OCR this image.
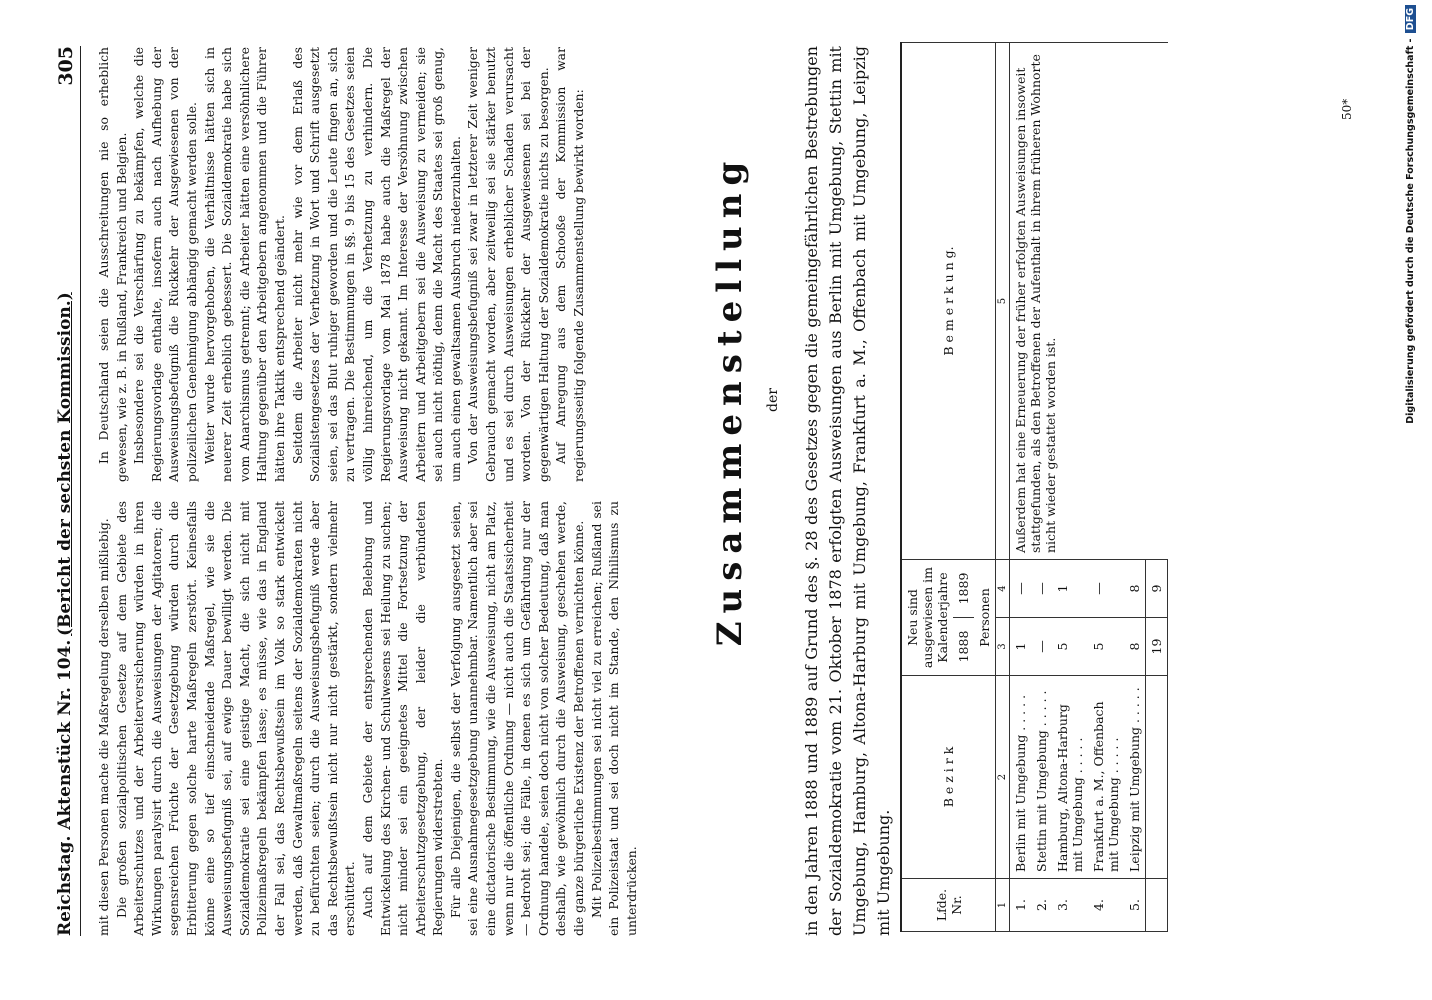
Reichstag. Aktenstück Nr. 104.
(Bericht der sechsten Kommission.)
305

mit diesen Personen mache die Maßregelung derselben mißliebig. Die großen sozialpolitischen Gesetze auf dem Gebiete des Arbeiterschutzes und der Arbeiterversicherung würden in ihren Wirkungen paralysirt durch die Ausweisungen der Agitatoren; die segensreichen Früchte der Gesetzgebung würden durch die Erbitterung gegen solche harte Maßregeln zerstört. Keinesfalls könne eine so tief einschneidende Maßregel, wie sie die Ausweisungsbefugniß sei, auf ewige Dauer bewilligt werden. Die Sozialdemokratie sei eine geistige Macht, die sich nicht mit Polizeimaßregeln bekämpfen lasse; es müsse, wie das in England der Fall sei, das Rechtsbewußtsein im Volk so stark entwickelt werden, daß Gewaltmaßregeln seitens der Sozialdemokraten nicht zu befürchten seien; durch die Ausweisungsbefugniß werde aber das Rechtsbewußtsein nicht nur nicht gestärkt, sondern vielmehr erschüttert. Auch auf dem Gebiete der entsprechenden Belebung und Entwickelung des Kirchen- und Schulwesens sei Heilung zu suchen; nicht minder sei ein geeignetes Mittel die Fortsetzung der Arbeiterschutzgesetzgebung, der leider die verbündeten Regierungen widerstrebten. Für alle Diejenigen, die selbst der Verfolgung ausgesetzt seien, sei eine Ausnahmegesetzgebung unannehmbar. Namentlich aber sei eine dictatorische Bestimmung, wie die Ausweisung, nicht am Platz, wenn nur die öffentliche Ordnung — nicht auch die Staatssicherheit — bedroht sei; die Fälle, in denen es sich um Gefährdung nur der Ordnung handele, seien doch nicht von solcher Bedeutung, daß man deshalb, wie gewöhnlich durch die Ausweisung, geschehen werde, die ganze bürgerliche Existenz der Betroffenen vernichten könne. Mit Polizeibestimmungen sei nicht viel zu erreichen; Rußland sei ein Polizeistaat und sei doch nicht im Stande, den Nihilismus zu unterdrücken.

In Deutschland seien die Ausschreitungen nie so erheblich gewesen, wie z. B. in Rußland, Frankreich und Belgien. Insbesondere sei die Verschärfung zu bekämpfen, welche die Regierungsvorlage enthalte, insofern auch nach Aufhebung der Ausweisungsbefugniß die Rückkehr der Ausgewiesenen von der polizeilichen Genehmigung abhängig gemacht werden solle. Weiter wurde hervorgehoben, die Verhältnisse hätten sich in neuerer Zeit erheblich gebessert. Die Sozialdemokratie habe sich vom Anarchismus getrennt; die Arbeiter hätten eine versöhnlichere Haltung gegenüber den Arbeitgebern angenommen und die Führer hätten ihre Taktik entsprechend geändert. Seitdem die Arbeiter nicht mehr wie vor dem Erlaß des Sozialistengesetzes der Verhetzung in Wort und Schrift ausgesetzt seien, sei das Blut ruhiger geworden und die Leute fingen an, sich zu vertragen. Die Bestimmungen in §§. 9 bis 15 des Gesetzes seien völlig hinreichend, um die Verhetzung zu verhindern. Die Regierungsvorlage vom Mai 1878 habe auch die Maßregel der Ausweisung nicht gekannt. Im Interesse der Versöhnung zwischen Arbeitern und Arbeitgebern sei die Ausweisung zu vermeiden; sie sei auch nicht nöthig, denn die Macht des Staates sei groß genug, um auch einen gewaltsamen Ausbruch niederzuhalten. Von der Ausweisungsbefugniß sei zwar in letzterer Zeit weniger Gebrauch gemacht worden, aber zeitweilig sei sie stärker benutzt und es sei durch Ausweisungen erheblicher Schaden verursacht worden. Von der Rückkehr der Ausgewiesenen sei bei der gegenwärtigen Haltung der Sozialdemokratie nichts zu besorgen. Auf Anregung aus dem Schooße der Kommission war regierungsseitig folgende Zusammenstellung bewirkt worden:	Zusammenstellung der in den Jahren 1888 und 1889 auf Grund des §. 28 des Gesetzes gegen die gemeingefährlichen Bestrebungen der Sozialdemokratie vom 21. Oktober 1878 erfolgten Ausweisungen aus Berlin mit Umgebung, Stettin mit Umgebung, Hamburg, Altona-Harburg mit Umgebung, Frankfurt a. M., Offenbach mit Umgebung, Leipzig mit Umgebung.	Lfde. Nr.	B e z i r k	Neu sind ausgewiesen im Kalenderjahre		B e m e r k u n g.
		1888	1889	
		Personen		
1	2	3	4	5
1.	Berlin mit Umgebung . . . . .	1	—	Außerdem hat eine Erneuerung der früher erfolgten Ausweisungen insoweit stattgefunden, als den Betroffenen der Aufenthalt in ihrem früheren Wohnorte nicht wieder gestattet worden ist.
2.	Stettin mit Umgebung . . . . .	—	—	
3.	Hamburg, Altona-Harburg mit Umgebung . . . . .	5	1	
4.	Frankfurt a. M., Offenbach mit Umgebung . . . . .	5	—	
5.	Leipzig mit Umgebung . . . . .	8	8	
		19	9	
50*	Digitalisierung gefördert durch die Deutsche Forschungsgemeinschaft - DFG
